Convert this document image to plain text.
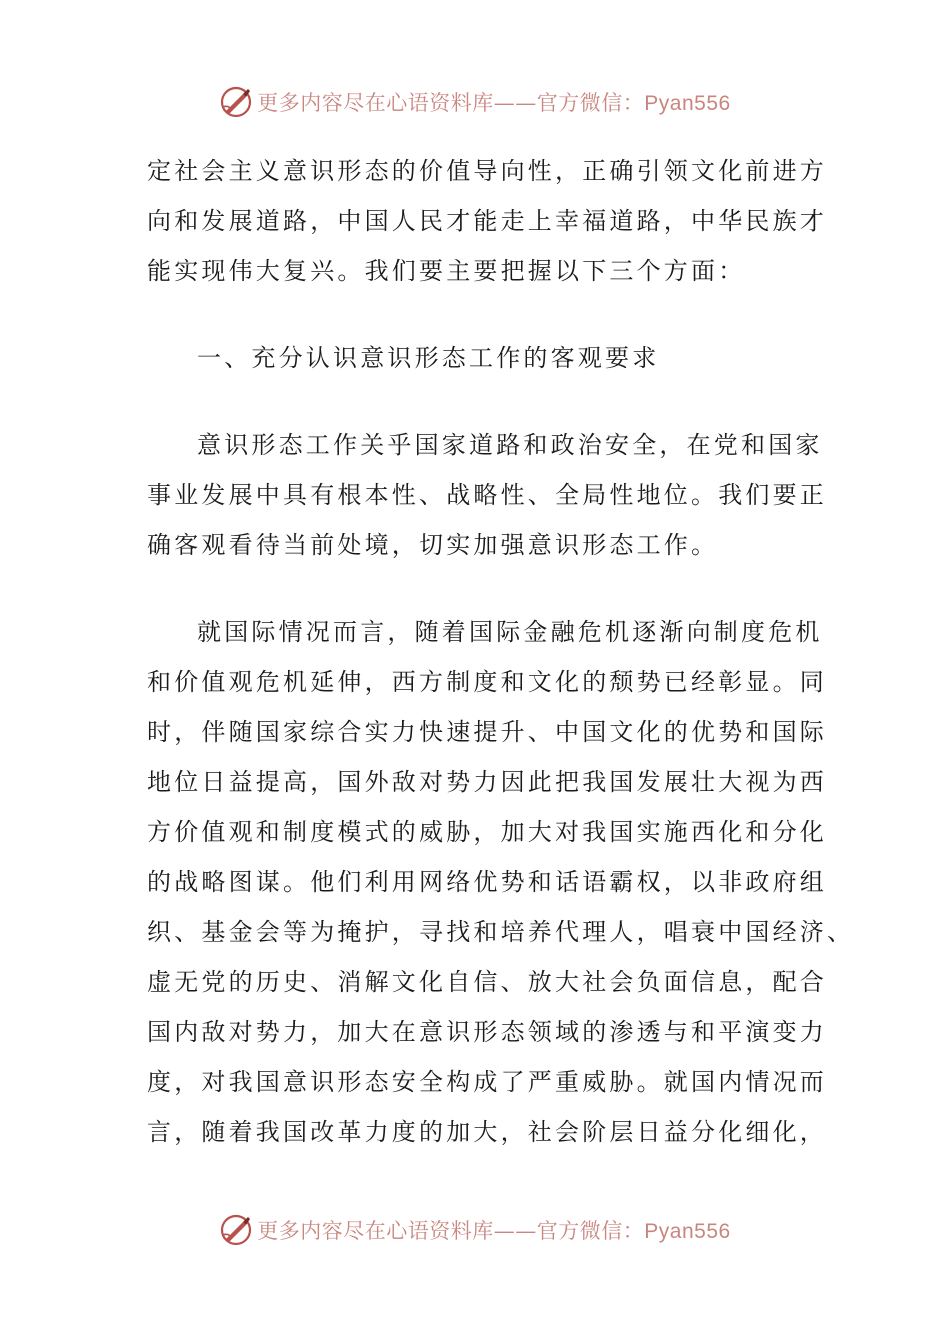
更多内容尽在心语资料库——官方微信：Pyan556
定社会主义意识形态的价值导向性，正确引领文化前进方
向和发展道路，中国人民才能走上幸福道路，中华民族才
能实现伟大复兴。我们要主要把握以下三个方面：
一、充分认识意识形态工作的客观要求
意识形态工作关乎国家道路和政治安全，在党和国家
事业发展中具有根本性、战略性、全局性地位。我们要正
确客观看待当前处境，切实加强意识形态工作。
就国际情况而言，随着国际金融危机逐渐向制度危机
和价值观危机延伸，西方制度和文化的颓势已经彰显。同
时，伴随国家综合实力快速提升、中国文化的优势和国际
地位日益提高，国外敌对势力因此把我国发展壮大视为西
方价值观和制度模式的威胁，加大对我国实施西化和分化
的战略图谋。他们利用网络优势和话语霸权，以非政府组
织、基金会等为掩护，寻找和培养代理人，唱衰中国经济、
虚无党的历史、消解文化自信、放大社会负面信息，配合
国内敌对势力，加大在意识形态领域的渗透与和平演变力
度，对我国意识形态安全构成了严重威胁。就国内情况而
言，随着我国改革力度的加大，社会阶层日益分化细化，
更多内容尽在心语资料库——官方微信：Pyan556
